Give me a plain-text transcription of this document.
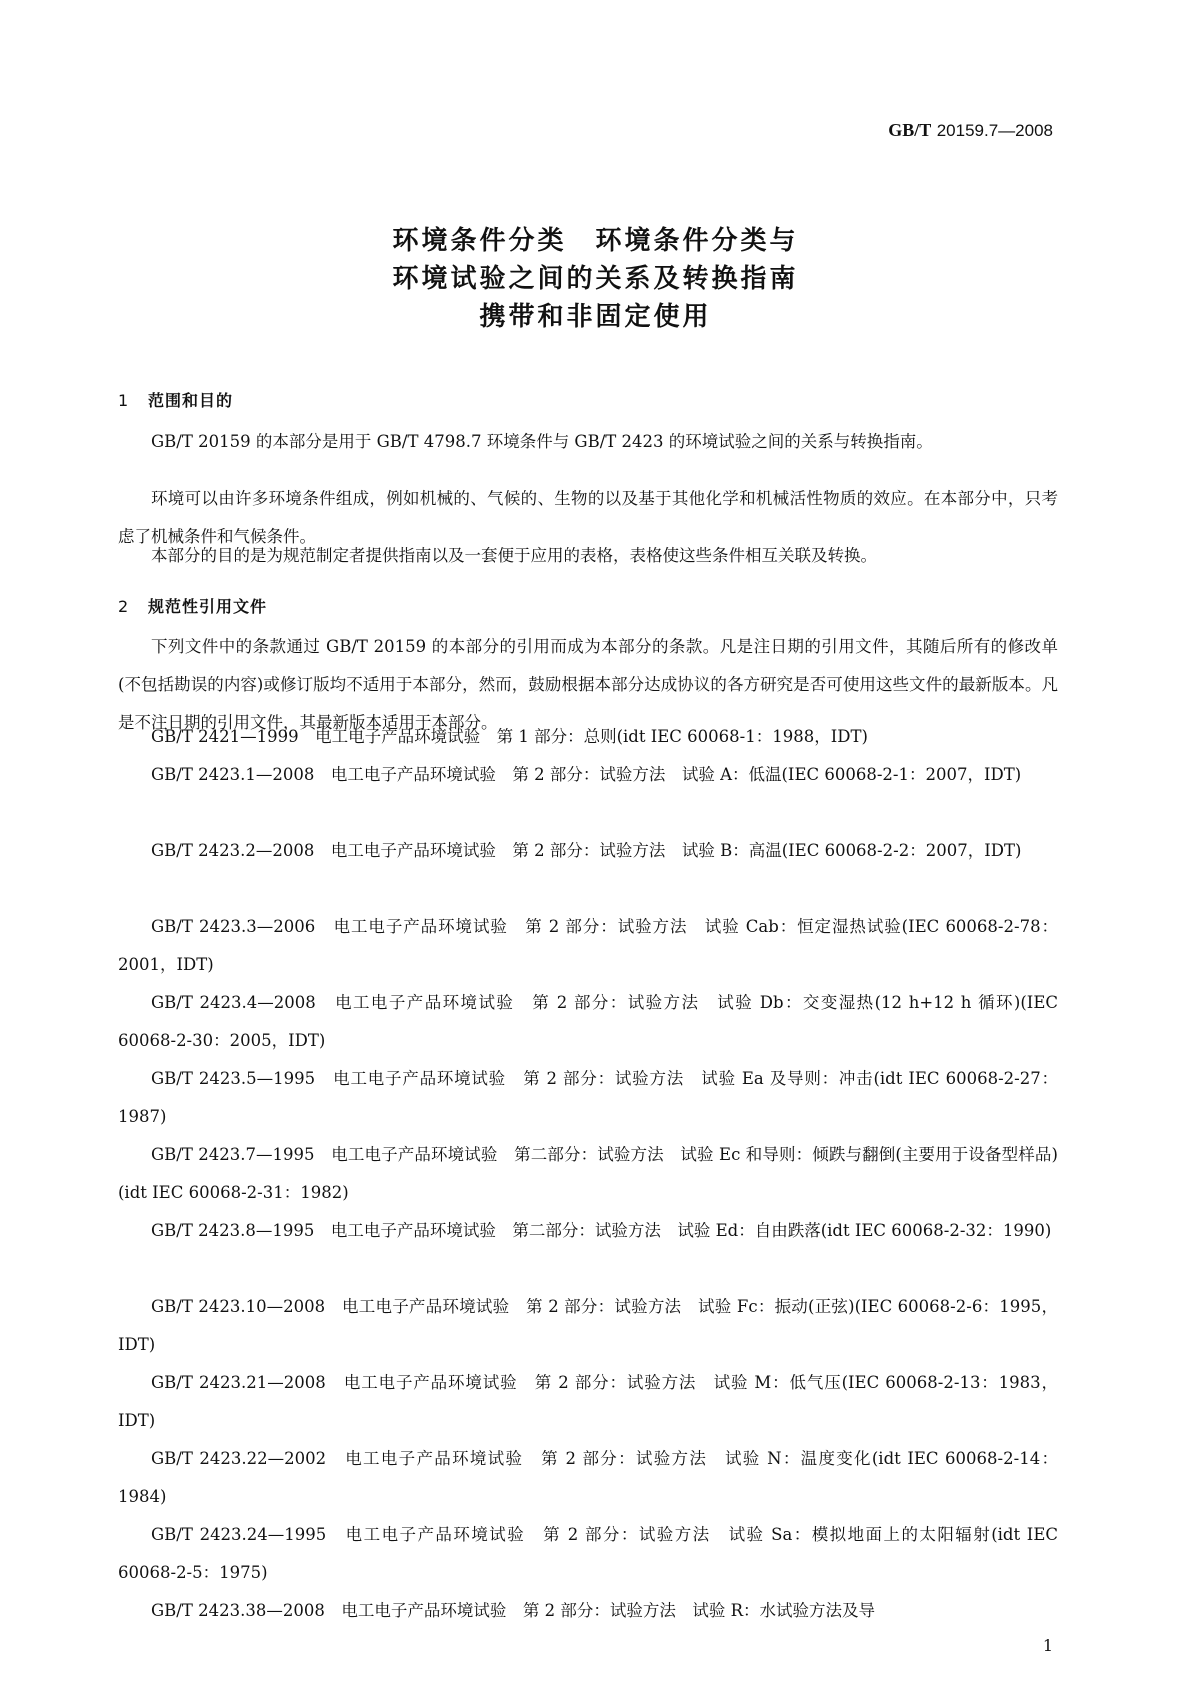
GB/T 20159.7—2008
环境条件分类　环境条件分类与
环境试验之间的关系及转换指南
携带和非固定使用
1 范围和目的
GB/T 20159 的本部分是用于 GB/T 4798.7 环境条件与 GB/T 2423 的环境试验之间的关系与转换指南。
环境可以由许多环境条件组成，例如机械的、气候的、生物的以及基于其他化学和机械活性物质的效应。在本部分中，只考虑了机械条件和气候条件。
本部分的目的是为规范制定者提供指南以及一套便于应用的表格，表格使这些条件相互关联及转换。
2 规范性引用文件
下列文件中的条款通过 GB/T 20159 的本部分的引用而成为本部分的条款。凡是注日期的引用文件，其随后所有的修改单(不包括勘误的内容)或修订版均不适用于本部分，然而，鼓励根据本部分达成协议的各方研究是否可使用这些文件的最新版本。凡是不注日期的引用文件，其最新版本适用于本部分。
GB/T 2421—1999　电工电子产品环境试验　第 1 部分：总则(idt IEC 60068-1：1988，IDT)
GB/T 2423.1—2008　电工电子产品环境试验　第 2 部分：试验方法　试验 A：低温(IEC 60068-2-1：2007，IDT)
GB/T 2423.2—2008　电工电子产品环境试验　第 2 部分：试验方法　试验 B：高温(IEC 60068-2-2：2007，IDT)
GB/T 2423.3—2006　电工电子产品环境试验　第 2 部分：试验方法　试验 Cab：恒定湿热试验(IEC 60068-2-78：2001，IDT)
GB/T 2423.4—2008　电工电子产品环境试验　第 2 部分：试验方法　试验 Db：交变湿热(12 h+12 h 循环)(IEC 60068-2-30：2005，IDT)
GB/T 2423.5—1995　电工电子产品环境试验　第 2 部分：试验方法　试验 Ea 及导则：冲击(idt IEC 60068-2-27：1987)
GB/T 2423.7—1995　电工电子产品环境试验　第二部分：试验方法　试验 Ec 和导则：倾跌与翻倒(主要用于设备型样品)(idt IEC 60068-2-31：1982)
GB/T 2423.8—1995　电工电子产品环境试验　第二部分：试验方法　试验 Ed：自由跌落(idt IEC 60068-2-32：1990)
GB/T 2423.10—2008　电工电子产品环境试验　第 2 部分：试验方法　试验 Fc：振动(正弦)(IEC 60068-2-6：1995，IDT)
GB/T 2423.21—2008　电工电子产品环境试验　第 2 部分：试验方法　试验 M：低气压(IEC 60068-2-13：1983，IDT)
GB/T 2423.22—2002　电工电子产品环境试验　第 2 部分：试验方法　试验 N：温度变化(idt IEC 60068-2-14：1984)
GB/T 2423.24—1995　电工电子产品环境试验　第 2 部分：试验方法　试验 Sa：模拟地面上的太阳辐射(idt IEC 60068-2-5：1975)
GB/T 2423.38—2008　电工电子产品环境试验　第 2 部分：试验方法　试验 R：水试验方法及导
1
